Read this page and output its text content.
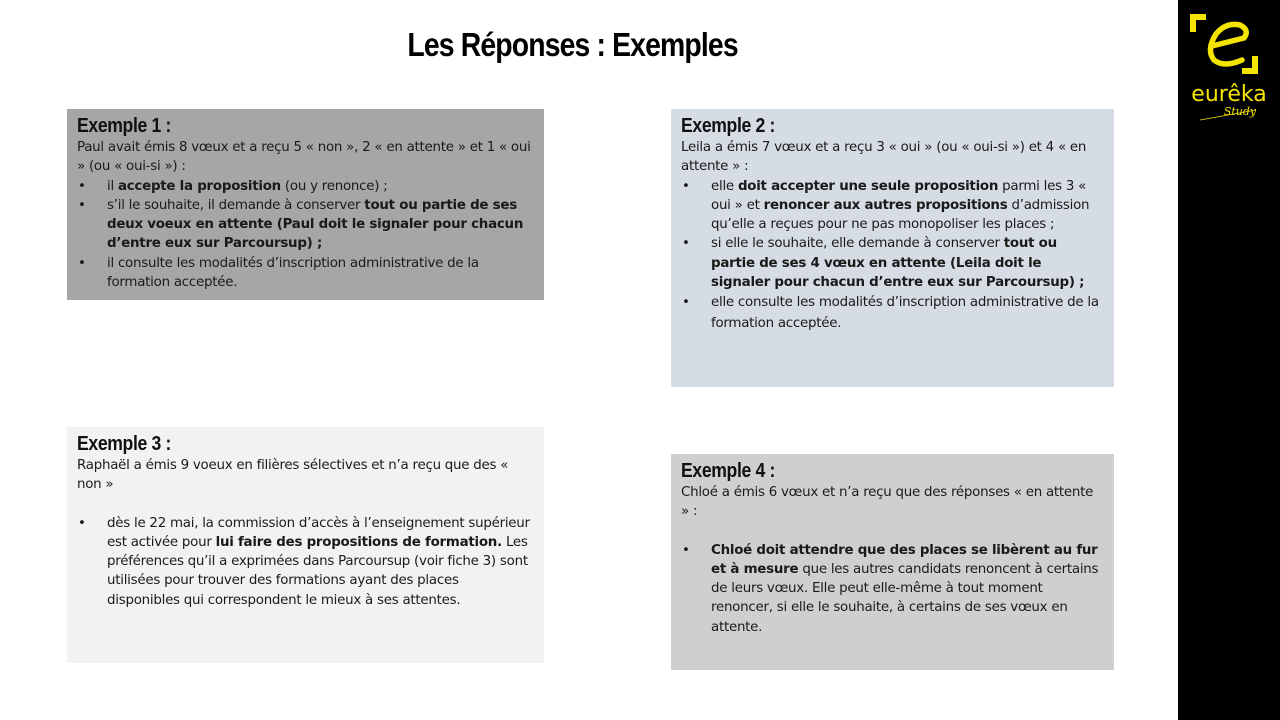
Les Réponses : Exemples
eurêka
Study
Exemple 1 :

Paul avait émis 8 vœux et a reçu 5 « non », 2 « en attente » et 1 « oui » (ou « oui-si ») :

• il accepte la proposition (ou y renonce) ;
• s’il le souhaite, il demande à conserver tout ou partie de ses deux voeux en attente (Paul doit le signaler pour chacun d’entre eux sur Parcoursup) ;
• il consulte les modalités d’inscription administrative de la formation acceptée.
Exemple 2 :

Leila a émis 7 vœux et a reçu 3 « oui » (ou « oui-si ») et 4 « en attente » :

• elle doit accepter une seule proposition parmi les 3 « oui » et renoncer aux autres propositions d’admission qu’elle a reçues pour ne pas monopoliser les places ;
• si elle le souhaite, elle demande à conserver tout ou partie de ses 4 vœux en attente (Leila doit le signaler pour chacun d’entre eux sur Parcoursup) ;
• elle consulte les modalités d’inscription administrative de la formation acceptée.
Exemple 3 :

Raphaël a émis 9 voeux en filières sélectives et n’a reçu que des « non »

• dès le 22 mai, la commission d’accès à l’enseignement supérieur est activée pour lui faire des propositions de formation. Les préférences qu’il a exprimées dans Parcoursup (voir fiche 3) sont utilisées pour trouver des formations ayant des places disponibles qui correspondent le mieux à ses attentes.
Exemple 4 :

Chloé a émis 6 vœux et n’a reçu que des réponses « en attente » :

• Chloé doit attendre que des places se libèrent au fur et à mesure que les autres candidats renoncent à certains de leurs vœux. Elle peut elle-même à tout moment renoncer, si elle le souhaite, à certains de ses vœux en attente.
